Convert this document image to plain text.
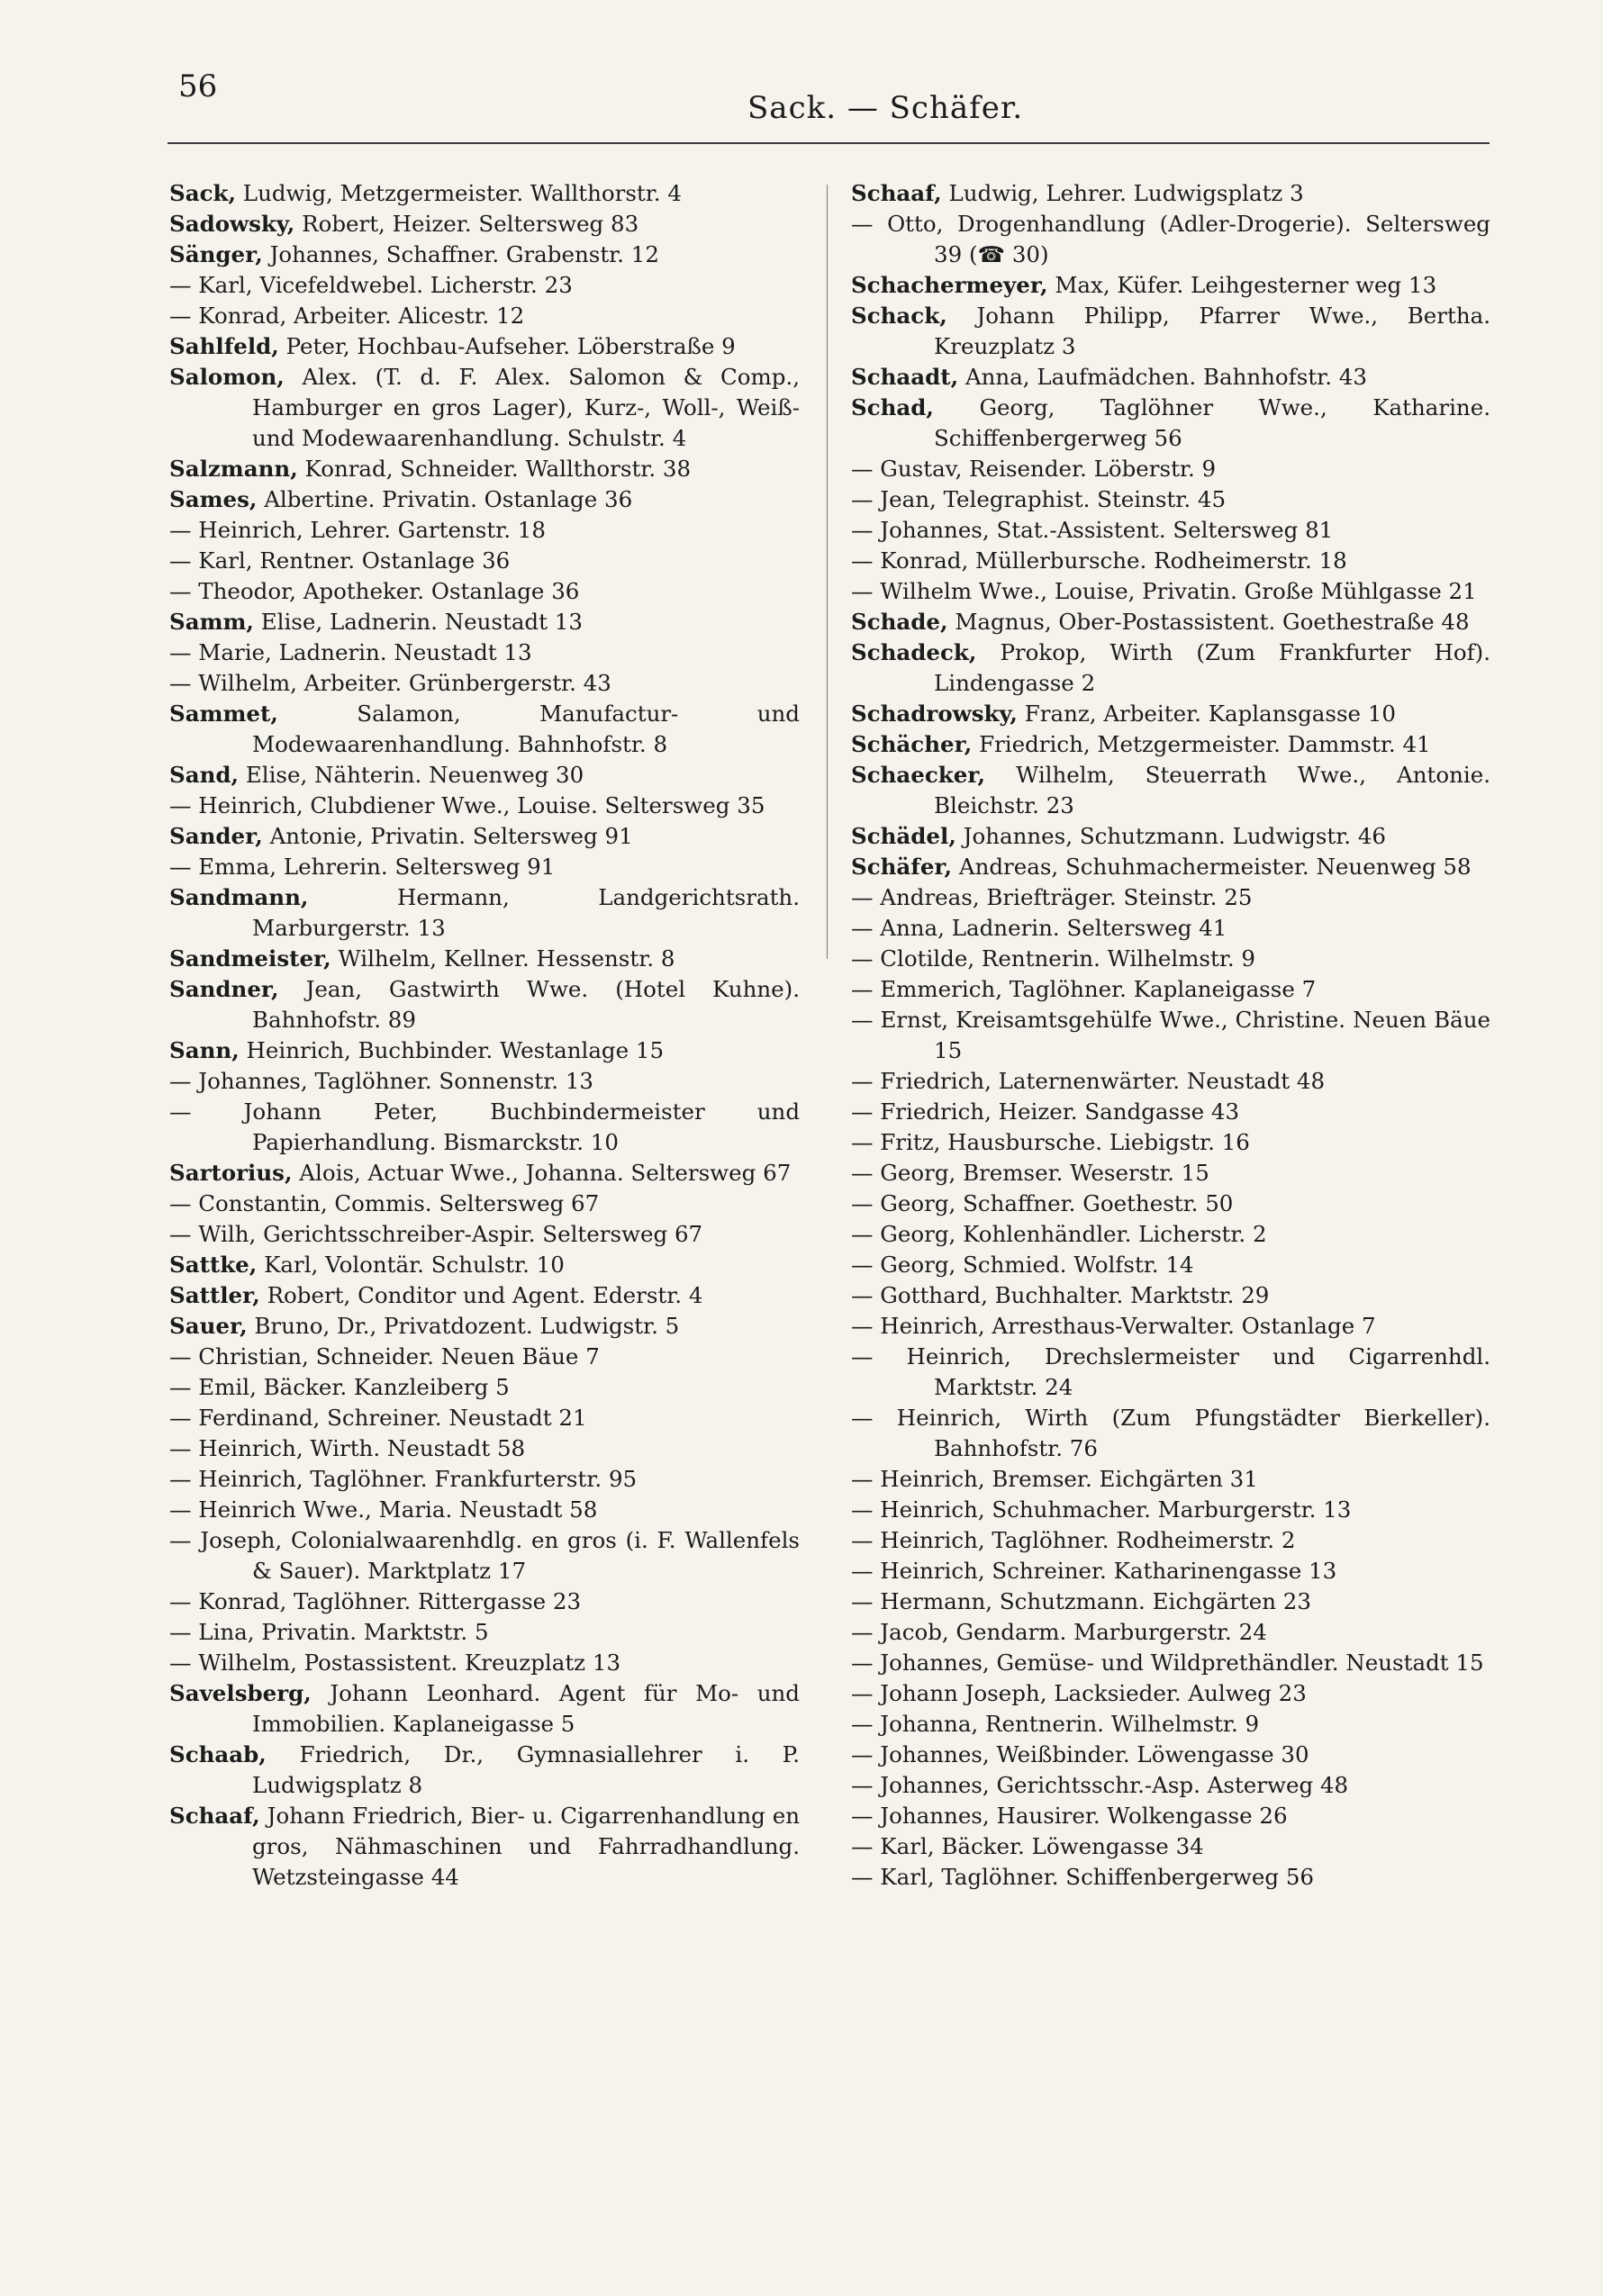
56
Sack. — Schäfer.
Sack, Ludwig, Metzgermeister. Wallthorstr. 4
Sadowsky, Robert, Heizer. Seltersweg 83
Sänger, Johannes, Schaffner. Grabenstr. 12
— Karl, Vicefeldwebel. Licherstr. 23
— Konrad, Arbeiter. Alicestr. 12
Sahlfeld, Peter, Hochbau-Aufseher. Löberstraße 9
Salomon, Alex. (T. d. F. Alex. Salomon & Comp., Hamburger en gros Lager), Kurz-, Woll-, Weiß- und Modewaarenhandlung. Schulstr. 4
Salzmann, Konrad, Schneider. Wallthorstr. 38
Sames, Albertine. Privatin. Ostanlage 36
— Heinrich, Lehrer. Gartenstr. 18
— Karl, Rentner. Ostanlage 36
— Theodor, Apotheker. Ostanlage 36
Samm, Elise, Ladnerin. Neustadt 13
— Marie, Ladnerin. Neustadt 13
— Wilhelm, Arbeiter. Grünbergerstr. 43
Sammet,	Salamon, Manufactur- und Modewaarenhandlung. Bahnhofstr. 8
Sand, Elise, Nähterin. Neuenweg 30
— Heinrich, Clubdiener Wwe., Louise. Seltersweg 35
Sander, Antonie, Privatin. Seltersweg 91
— Emma, Lehrerin. Seltersweg 91
Sandmann,	Hermann, Landgerichtsrath. Marburgerstr. 13
Sandmeister, Wilhelm, Kellner. Hessenstr. 8
Sandner, Jean, Gastwirth Wwe. (Hotel Kuhne). Bahnhofstr. 89
Sann, Heinrich, Buchbinder. Westanlage 15
— Johannes, Taglöhner. Sonnenstr. 13
— Johann Peter, Buchbindermeister und Papierhandlung. Bismarckstr. 10
Sartorius, Alois, Actuar Wwe., Johanna. Seltersweg 67
— Constantin, Commis. Seltersweg 67
— Wilh, Gerichtsschreiber-Aspir. Seltersweg 67
Sattke, Karl, Volontär. Schulstr. 10
Sattler, Robert, Conditor und Agent. Ederstr. 4
Sauer, Bruno, Dr., Privatdozent. Ludwigstr. 5
— Christian, Schneider. Neuen Bäue 7
— Emil, Bäcker. Kanzleiberg 5
— Ferdinand, Schreiner. Neustadt 21
— Heinrich, Wirth. Neustadt 58
— Heinrich, Taglöhner. Frankfurterstr. 95
— Heinrich Wwe., Maria. Neustadt 58
— Joseph, Colonialwaarenhdlg. en gros (i. F. Wallenfels & Sauer). Marktplatz 17
— Konrad, Taglöhner. Rittergasse 23
— Lina, Privatin. Marktstr. 5
— Wilhelm, Postassistent. Kreuzplatz 13
Savelsberg, Johann Leonhard. Agent für Mo- und Immobilien. Kaplaneigasse 5
Schaab, Friedrich, Dr., Gymnasiallehrer i. P. Ludwigsplatz 8
Schaaf, Johann Friedrich, Bier- u. Cigarrenhandlung en gros, Nähmaschinen und Fahrradhandlung. Wetzsteingasse 44
Schaaf, Ludwig, Lehrer. Ludwigsplatz 3
— Otto, Drogenhandlung (Adler-Drogerie). Seltersweg 39 (☎ 30)
Schachermeyer, Max, Küfer. Leihgesterner weg 13
Schack, Johann Philipp, Pfarrer Wwe., Bertha. Kreuzplatz 3
Schaadt, Anna, Laufmädchen. Bahnhofstr. 43
Schad, Georg, Taglöhner Wwe., Katharine. Schiffenbergerweg 56
— Gustav, Reisender. Löberstr. 9
— Jean, Telegraphist. Steinstr. 45
— Johannes, Stat.-Assistent. Seltersweg 81
— Konrad, Müllerbursche. Rodheimerstr. 18
— Wilhelm Wwe., Louise, Privatin. Große Mühlgasse 21
Schade, Magnus, Ober-Postassistent. Goethestraße 48
Schadeck, Prokop, Wirth (Zum Frankfurter Hof). Lindengasse 2
Schadrowsky, Franz, Arbeiter. Kaplansgasse 10
Schächer, Friedrich, Metzgermeister. Dammstr. 41
Schaecker, Wilhelm, Steuerrath Wwe., Antonie. Bleichstr. 23
Schädel, Johannes, Schutzmann. Ludwigstr. 46
Schäfer, Andreas, Schuhmachermeister. Neuenweg 58
— Andreas, Briefträger. Steinstr. 25
— Anna, Ladnerin. Seltersweg 41
— Clotilde, Rentnerin. Wilhelmstr. 9
— Emmerich, Taglöhner. Kaplaneigasse 7
— Ernst, Kreisamtsgehülfe Wwe., Christine. Neuen Bäue 15
— Friedrich, Laternenwärter. Neustadt 48
— Friedrich, Heizer. Sandgasse 43
— Fritz, Hausbursche. Liebigstr. 16
— Georg, Bremser. Weserstr. 15
— Georg, Schaffner. Goethestr. 50
— Georg, Kohlenhändler. Licherstr. 2
— Georg, Schmied. Wolfstr. 14
— Gotthard, Buchhalter. Marktstr. 29
— Heinrich, Arresthaus-Verwalter. Ostanlage 7
— Heinrich, Drechslermeister und Cigarrenhdl. Marktstr. 24
— Heinrich, Wirth (Zum Pfungstädter Bierkeller). Bahnhofstr. 76
— Heinrich, Bremser. Eichgärten 31
— Heinrich, Schuhmacher. Marburgerstr. 13
— Heinrich, Taglöhner. Rodheimerstr. 2
— Heinrich, Schreiner. Katharinengasse 13
— Hermann, Schutzmann. Eichgärten 23
— Jacob, Gendarm. Marburgerstr. 24
— Johannes, Gemüse- und Wildprethändler. Neustadt 15
— Johann Joseph, Lacksieder. Aulweg 23
— Johanna, Rentnerin. Wilhelmstr. 9
— Johannes, Weißbinder. Löwengasse 30
— Johannes, Gerichtsschr.-Asp. Asterweg 48
— Johannes, Hausirer. Wolkengasse 26
— Karl, Bäcker. Löwengasse 34
— Karl, Taglöhner. Schiffenbergerweg 56
